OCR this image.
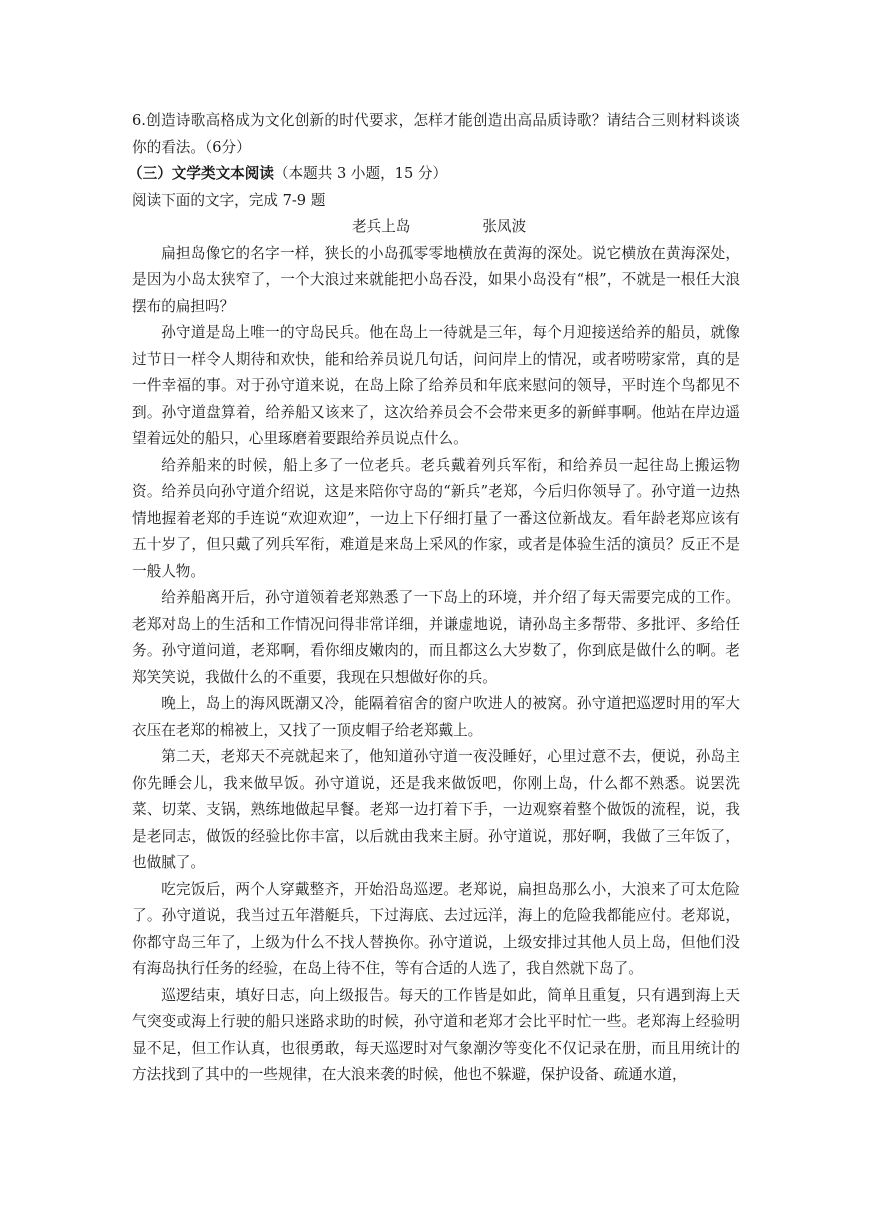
6.创造诗歌高格成为文化创新的时代要求，怎样才能创造出高品质诗歌？请结合三则材料谈谈你的看法。（6分）

（三）文学类文本阅读（本题共 3 小题，15 分）

阅读下面的文字，完成 7-9 题

老兵上岛	张凤波

扁担岛像它的名字一样，狭长的小岛孤零零地横放在黄海的深处。说它横放在黄海深处，是因为小岛太狭窄了，一个大浪过来就能把小岛吞没，如果小岛没有“根”，不就是一根任大浪摆布的扁担吗？

孙守道是岛上唯一的守岛民兵。他在岛上一待就是三年，每个月迎接送给养的船员，就像过节日一样令人期待和欢快，能和给养员说几句话，问问岸上的情况，或者唠唠家常，真的是一件幸福的事。对于孙守道来说，在岛上除了给养员和年底来慰问的领导，平时连个鸟都见不到。孙守道盘算着，给养船又该来了，这次给养员会不会带来更多的新鲜事啊。他站在岸边遥望着远处的船只，心里琢磨着要跟给养员说点什么。

给养船来的时候，船上多了一位老兵。老兵戴着列兵军衔，和给养员一起往岛上搬运物资。给养员向孙守道介绍说，这是来陪你守岛的“新兵”老郑，今后归你领导了。孙守道一边热情地握着老郑的手连说“欢迎欢迎”，一边上下仔细打量了一番这位新战友。看年龄老郑应该有五十岁了，但只戴了列兵军衔，难道是来岛上采风的作家，或者是体验生活的演员？反正不是一般人物。

给养船离开后，孙守道领着老郑熟悉了一下岛上的环境，并介绍了每天需要完成的工作。老郑对岛上的生活和工作情况问得非常详细，并谦虚地说，请孙岛主多帮带、多批评、多给任务。孙守道问道，老郑啊，看你细皮嫩肉的，而且都这么大岁数了，你到底是做什么的啊。老郑笑笑说，我做什么的不重要，我现在只想做好你的兵。

晚上，岛上的海风既潮又冷，能隔着宿舍的窗户吹进人的被窝。孙守道把巡逻时用的军大衣压在老郑的棉被上，又找了一顶皮帽子给老郑戴上。

第二天，老郑天不亮就起来了，他知道孙守道一夜没睡好，心里过意不去，便说，孙岛主你先睡会儿，我来做早饭。孙守道说，还是我来做饭吧，你刚上岛，什么都不熟悉。说罢洗菜、切菜、支锅，熟练地做起早餐。老郑一边打着下手，一边观察着整个做饭的流程，说，我是老同志，做饭的经验比你丰富，以后就由我来主厨。孙守道说，那好啊，我做了三年饭了，也做腻了。

吃完饭后，两个人穿戴整齐，开始沿岛巡逻。老郑说，扁担岛那么小，大浪来了可太危险了。孙守道说，我当过五年潜艇兵，下过海底、去过远洋，海上的危险我都能应付。老郑说，你都守岛三年了，上级为什么不找人替换你。孙守道说，上级安排过其他人员上岛，但他们没有海岛执行任务的经验，在岛上待不住，等有合适的人选了，我自然就下岛了。

巡逻结束，填好日志，向上级报告。每天的工作皆是如此，简单且重复，只有遇到海上天气突变或海上行驶的船只迷路求助的时候，孙守道和老郑才会比平时忙一些。老郑海上经验明显不足，但工作认真，也很勇敢，每天巡逻时对气象潮汐等变化不仅记录在册，而且用统计的方法找到了其中的一些规律，在大浪来袭的时候，他也不躲避，保护设备、疏通水道，
